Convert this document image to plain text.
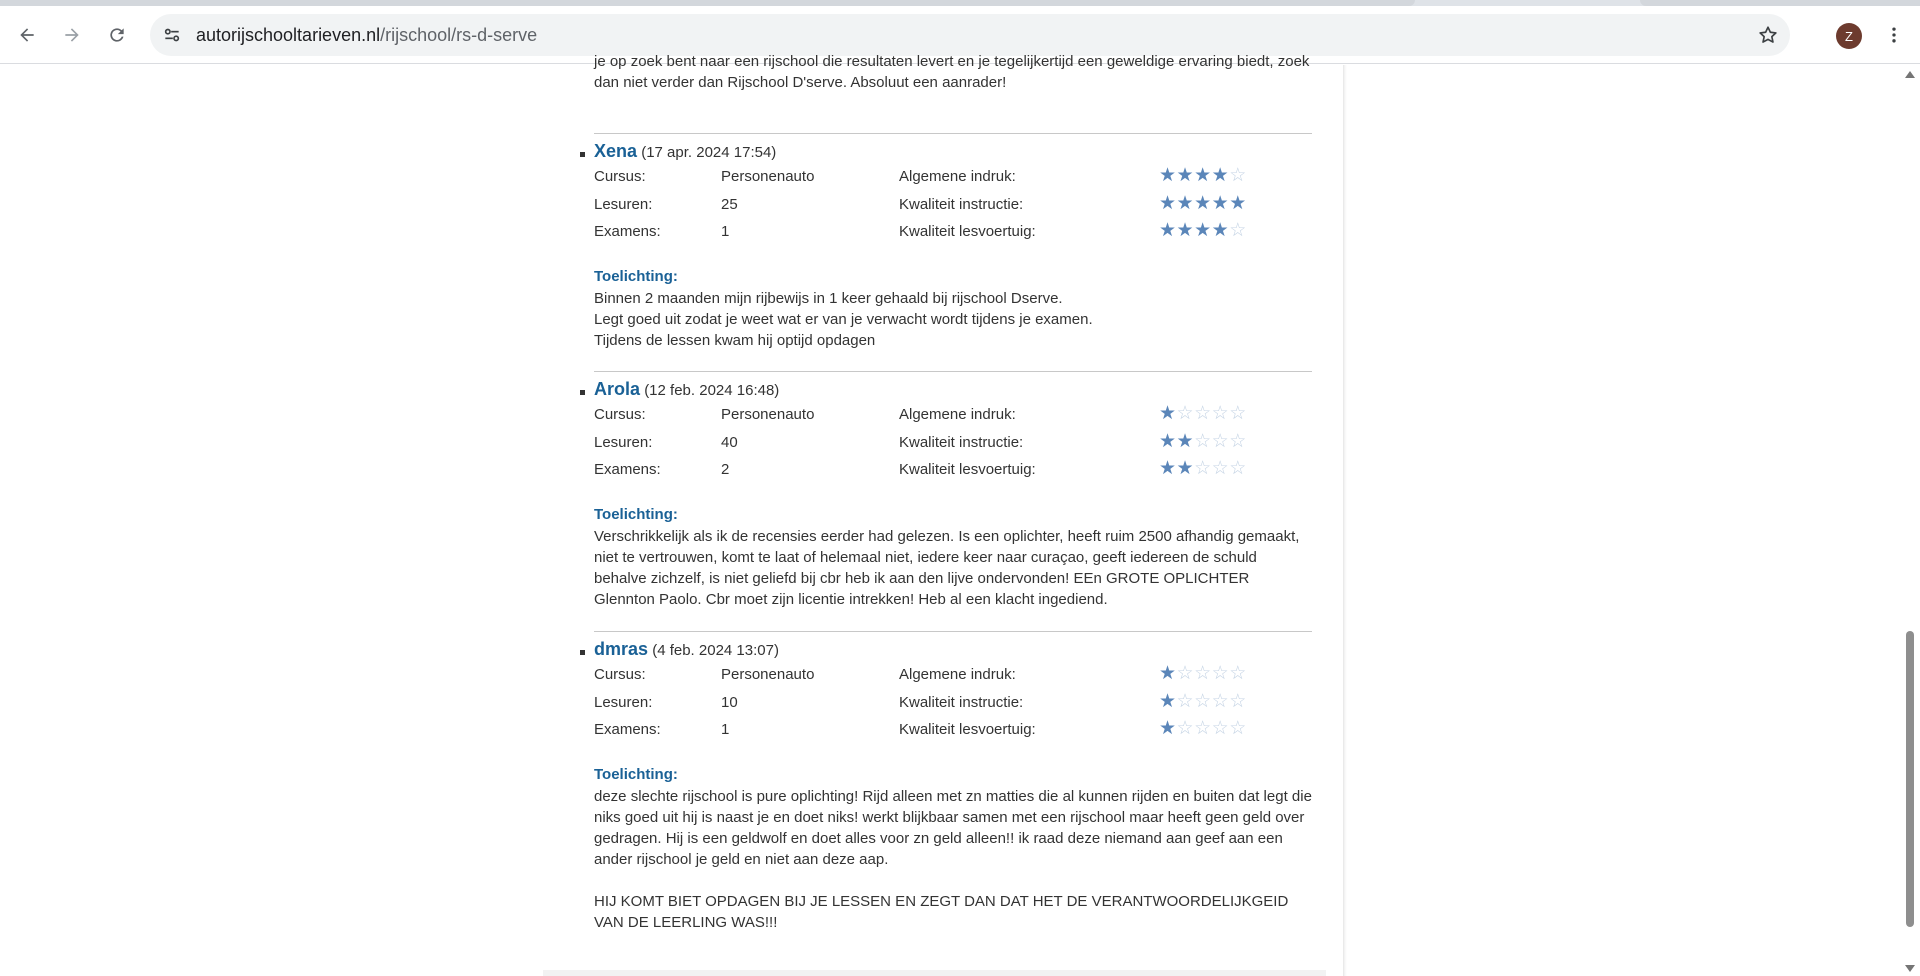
autorijschooltarieven.nl/rijschool/rs-d-serve	Z

je op zoek bent naar een rijschool die resultaten levert en je tegelijkertijd een geweldige ervaring biedt, zoek

dan niet verder dan Rijschool D'serve. Absoluut een aanrader!

Xena (17 apr. 2024 17:54)
Cursus:	Personenauto	Algemene indruk:	★★★★☆
Lesuren:	25	Kwaliteit instructie:	★★★★★
Examens:	1	Kwaliteit lesvoertuig:	★★★★☆
Toelichting:
Binnen 2 maanden mijn rijbewijs in 1 keer gehaald bij rijschool Dserve.
Legt goed uit zodat je weet wat er van je verwacht wordt tijdens je examen.
Tijdens de lessen kwam hij optijd opdagen
Arola (12 feb. 2024 16:48)
Cursus:	Personenauto	Algemene indruk:	★☆☆☆☆
Lesuren:	40	Kwaliteit instructie:	★★☆☆☆
Examens:	2	Kwaliteit lesvoertuig:	★★☆☆☆
Toelichting:
Verschrikkelijk als ik de recensies eerder had gelezen. Is een oplichter, heeft ruim 2500 afhandig gemaakt,
niet te vertrouwen, komt te laat of helemaal niet, iedere keer naar curaçao, geeft iedereen de schuld
behalve zichzelf, is niet geliefd bij cbr heb ik aan den lijve ondervonden! EEn GROTE OPLICHTER
Glennton Paolo. Cbr moet zijn licentie intrekken! Heb al een klacht ingediend.
dmras (4 feb. 2024 13:07)
Cursus:	Personenauto	Algemene indruk:	★☆☆☆☆
Lesuren:	10	Kwaliteit instructie:	★☆☆☆☆
Examens:	1	Kwaliteit lesvoertuig:	★☆☆☆☆
Toelichting:
deze slechte rijschool is pure oplichting! Rijd alleen met zn matties die al kunnen rijden en buiten dat legt die
niks goed uit hij is naast je en doet niks! werkt blijkbaar samen met een rijschool maar heeft geen geld over
gedragen. Hij is een geldwolf en doet alles voor zn geld alleen!! ik raad deze niemand aan geef aan een
ander rijschool je geld en niet aan deze aap.
HIJ KOMT BIET OPDAGEN BIJ JE LESSEN EN ZEGT DAN DAT HET DE VERANTWOORDELIJKGEID
VAN DE LEERLING WAS!!!
